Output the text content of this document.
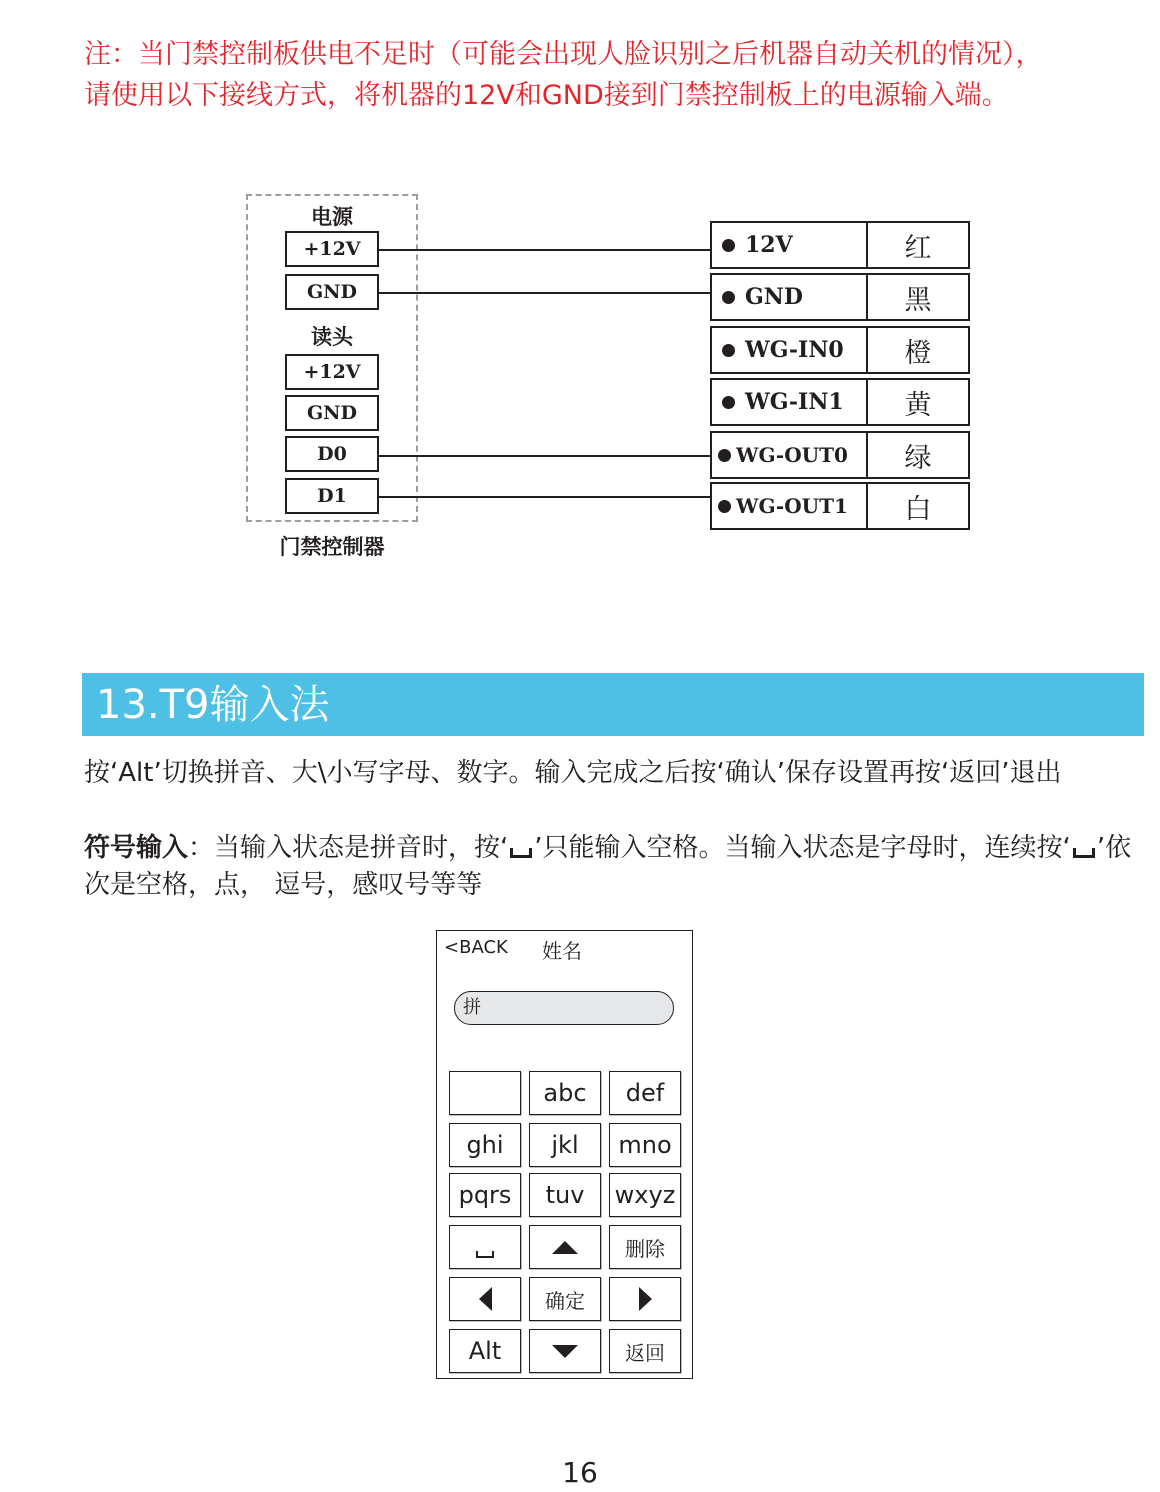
注：当门禁控制板供电不足时（可能会出现人脸识别之后机器自动关机的情况），
请使用以下接线方式，将机器的12V和GND接到门禁控制板上的电源输入端。
电源
+12V
GND
读头
+12V
GND
D0
D1
门禁控制器
12V	红
GND	黑
WG-IN0	橙
WG-IN1	黄
WG-OUT0	绿
WG-OUT1	白
13.T9输入法
按‘Alt’切换拼音、大\小写字母、数字。输入完成之后按‘确认’保存设置再按‘返回’退出
符号输入：当输入状态是拼音时，按‘ ’只能输入空格。当输入状态是字母时，连续按‘ ’依次是空格，点， 逗号，感叹号等等
<BACK 姓名
拼
abc	def
ghi	jkl	mno
pqrs	tuv	wxyz
删除
确定
Alt	返回
16
